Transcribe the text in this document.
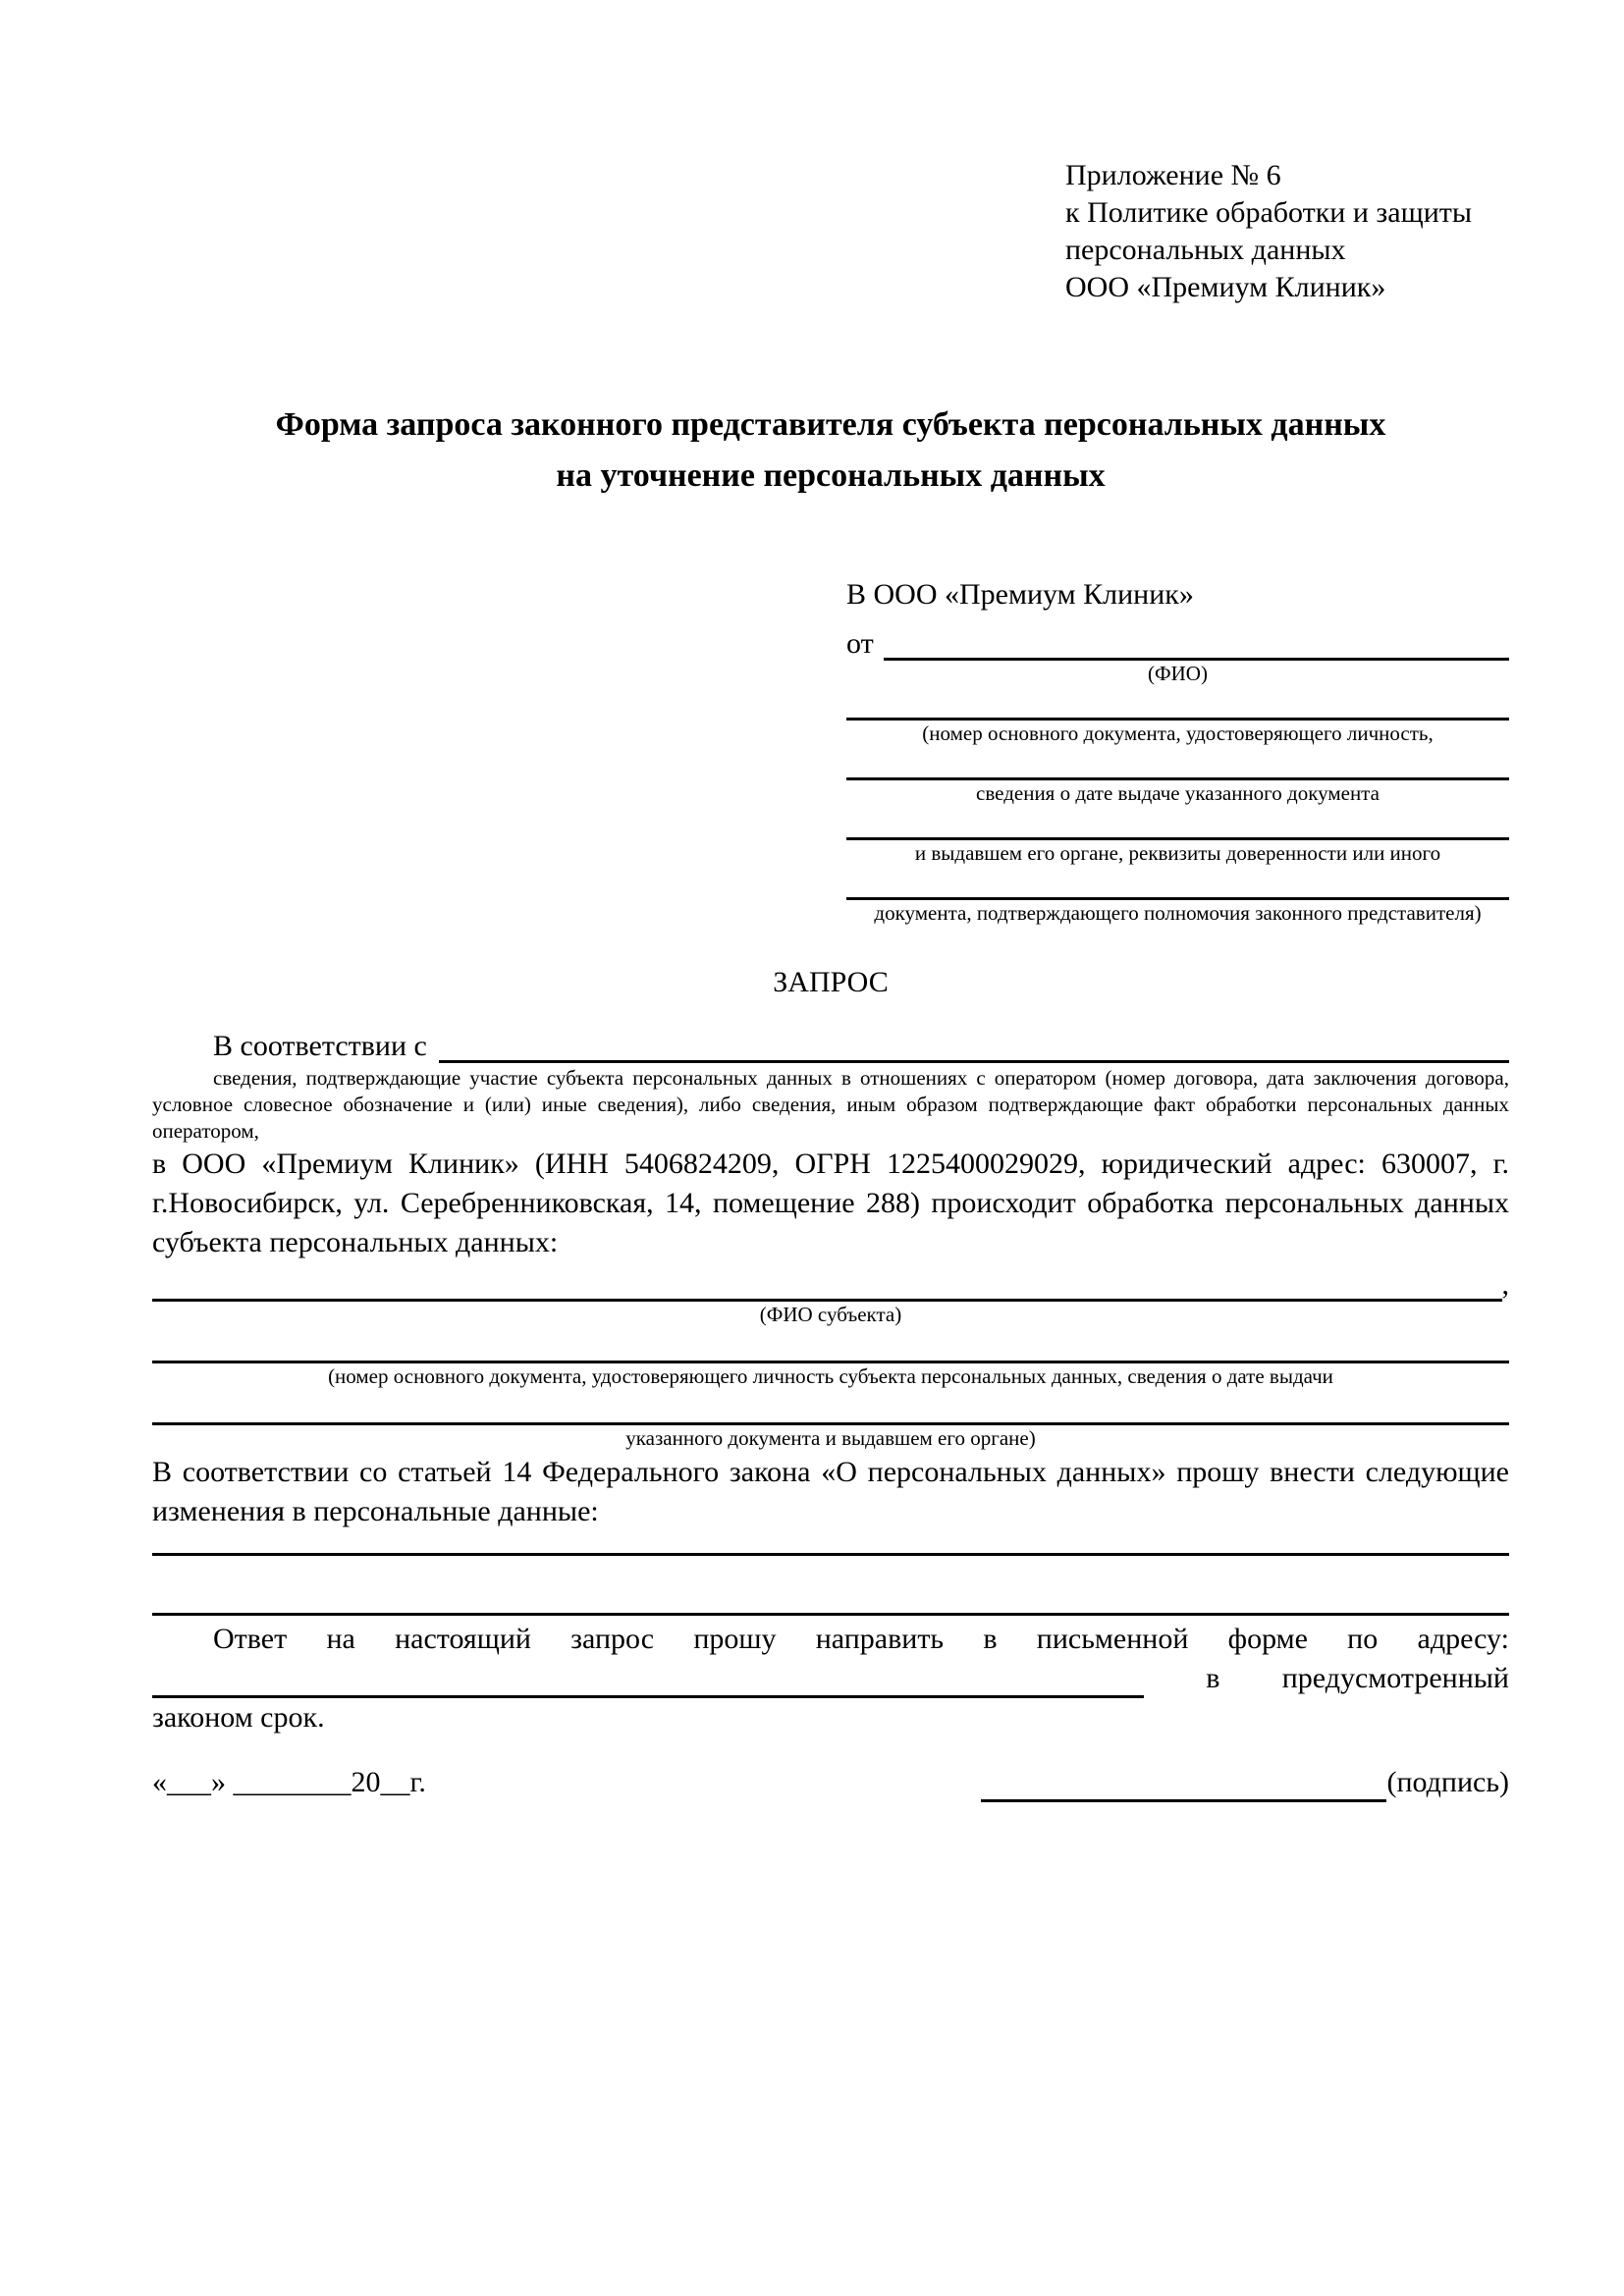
Приложение № 6
к Политике обработки и защиты
персональных данных
ООО «Премиум Клиник»
Форма запроса законного представителя субъекта персональных данных
на уточнение персональных данных
В ООО «Премиум Клиник»
от
(ФИО)
(номер основного документа, удостоверяющего личность,
сведения о дате выдаче указанного документа
и выдавшем его органе, реквизиты доверенности или иного
документа, подтверждающего полномочия законного представителя)
ЗАПРОС
В соответствии с
сведения, подтверждающие участие субъекта персональных данных в отношениях с оператором (номер договора, дата заключения договора, условное словесное обозначение и (или) иные сведения), либо сведения, иным образом подтверждающие факт обработки персональных данных оператором,
в ООО «Премиум Клиник» (ИНН 5406824209, ОГРН 1225400029029, юридический адрес: 630007, г. г.Новосибирск, ул. Серебренниковская, 14, помещение 288) происходит обработка персональных данных субъекта персональных данных:
,
(ФИО субъекта)
(номер основного документа, удостоверяющего личность субъекта персональных данных, сведения о дате выдачи
указанного документа и выдавшем его органе)
В соответствии со статьей 14 Федерального закона «О персональных данных» прошу внести следующие изменения в персональные данные:
Ответ на настоящий запрос прошу направить в письменной форме по адресу:
в предусмотренный
законом срок.
«___» ________20__г.	(подпись)
